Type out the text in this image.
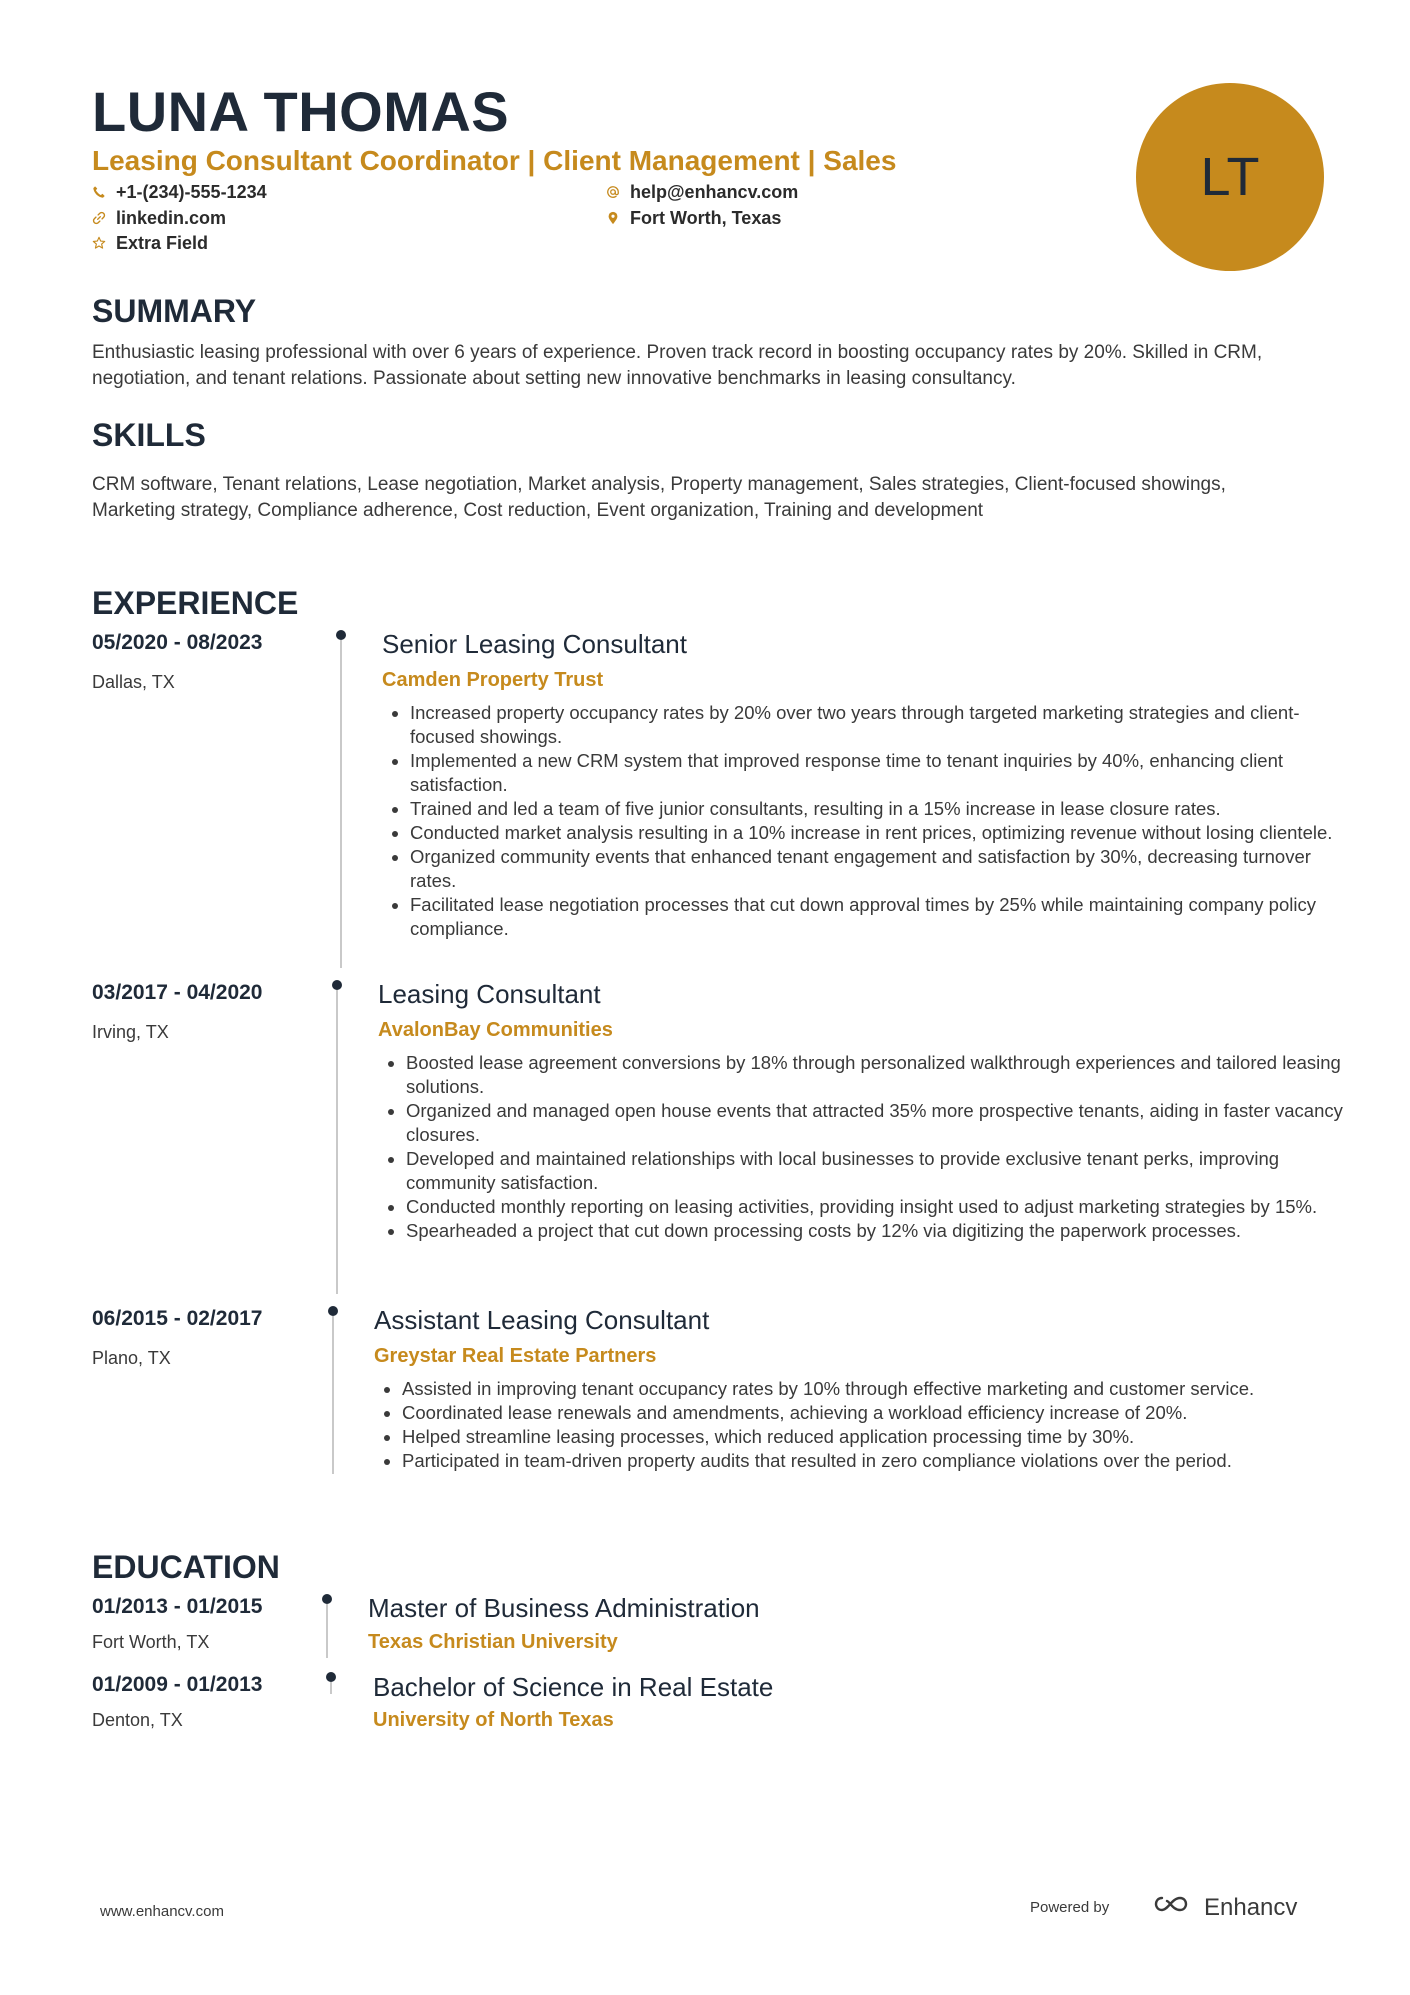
LUNA THOMAS
Leasing Consultant Coordinator | Client Management | Sales
+1-(234)-555-1234
linkedin.com
Extra Field
help@enhancv.com
Fort Worth, Texas
LT
SUMMARY
Enthusiastic leasing professional with over 6 years of experience. Proven track record in boosting occupancy rates by 20%. Skilled in CRM, negotiation, and tenant relations. Passionate about setting new innovative benchmarks in leasing consultancy.
SKILLS
CRM software, Tenant relations, Lease negotiation, Market analysis, Property management, Sales strategies, Client-focused showings, Marketing strategy, Compliance adherence, Cost reduction, Event organization, Training and development
EXPERIENCE
05/2020 - 08/2023
Dallas, TX
Senior Leasing Consultant
Camden Property Trust
• Increased property occupancy rates by 20% over two years through targeted marketing strategies and client-focused showings.
• Implemented a new CRM system that improved response time to tenant inquiries by 40%, enhancing client satisfaction.
• Trained and led a team of five junior consultants, resulting in a 15% increase in lease closure rates.
• Conducted market analysis resulting in a 10% increase in rent prices, optimizing revenue without losing clientele.
• Organized community events that enhanced tenant engagement and satisfaction by 30%, decreasing turnover rates.
• Facilitated lease negotiation processes that cut down approval times by 25% while maintaining company policy compliance.
03/2017 - 04/2020
Irving, TX
Leasing Consultant
AvalonBay Communities
• Boosted lease agreement conversions by 18% through personalized walkthrough experiences and tailored leasing solutions.
• Organized and managed open house events that attracted 35% more prospective tenants, aiding in faster vacancy closures.
• Developed and maintained relationships with local businesses to provide exclusive tenant perks, improving community satisfaction.
• Conducted monthly reporting on leasing activities, providing insight used to adjust marketing strategies by 15%.
• Spearheaded a project that cut down processing costs by 12% via digitizing the paperwork processes.
06/2015 - 02/2017
Plano, TX
Assistant Leasing Consultant
Greystar Real Estate Partners
• Assisted in improving tenant occupancy rates by 10% through effective marketing and customer service.
• Coordinated lease renewals and amendments, achieving a workload efficiency increase of 20%.
• Helped streamline leasing processes, which reduced application processing time by 30%.
• Participated in team-driven property audits that resulted in zero compliance violations over the period.
EDUCATION
01/2013 - 01/2015
Fort Worth, TX
Master of Business Administration
Texas Christian University
01/2009 - 01/2013
Denton, TX
Bachelor of Science in Real Estate
University of North Texas
www.enhancv.com	Powered by	Enhancv
